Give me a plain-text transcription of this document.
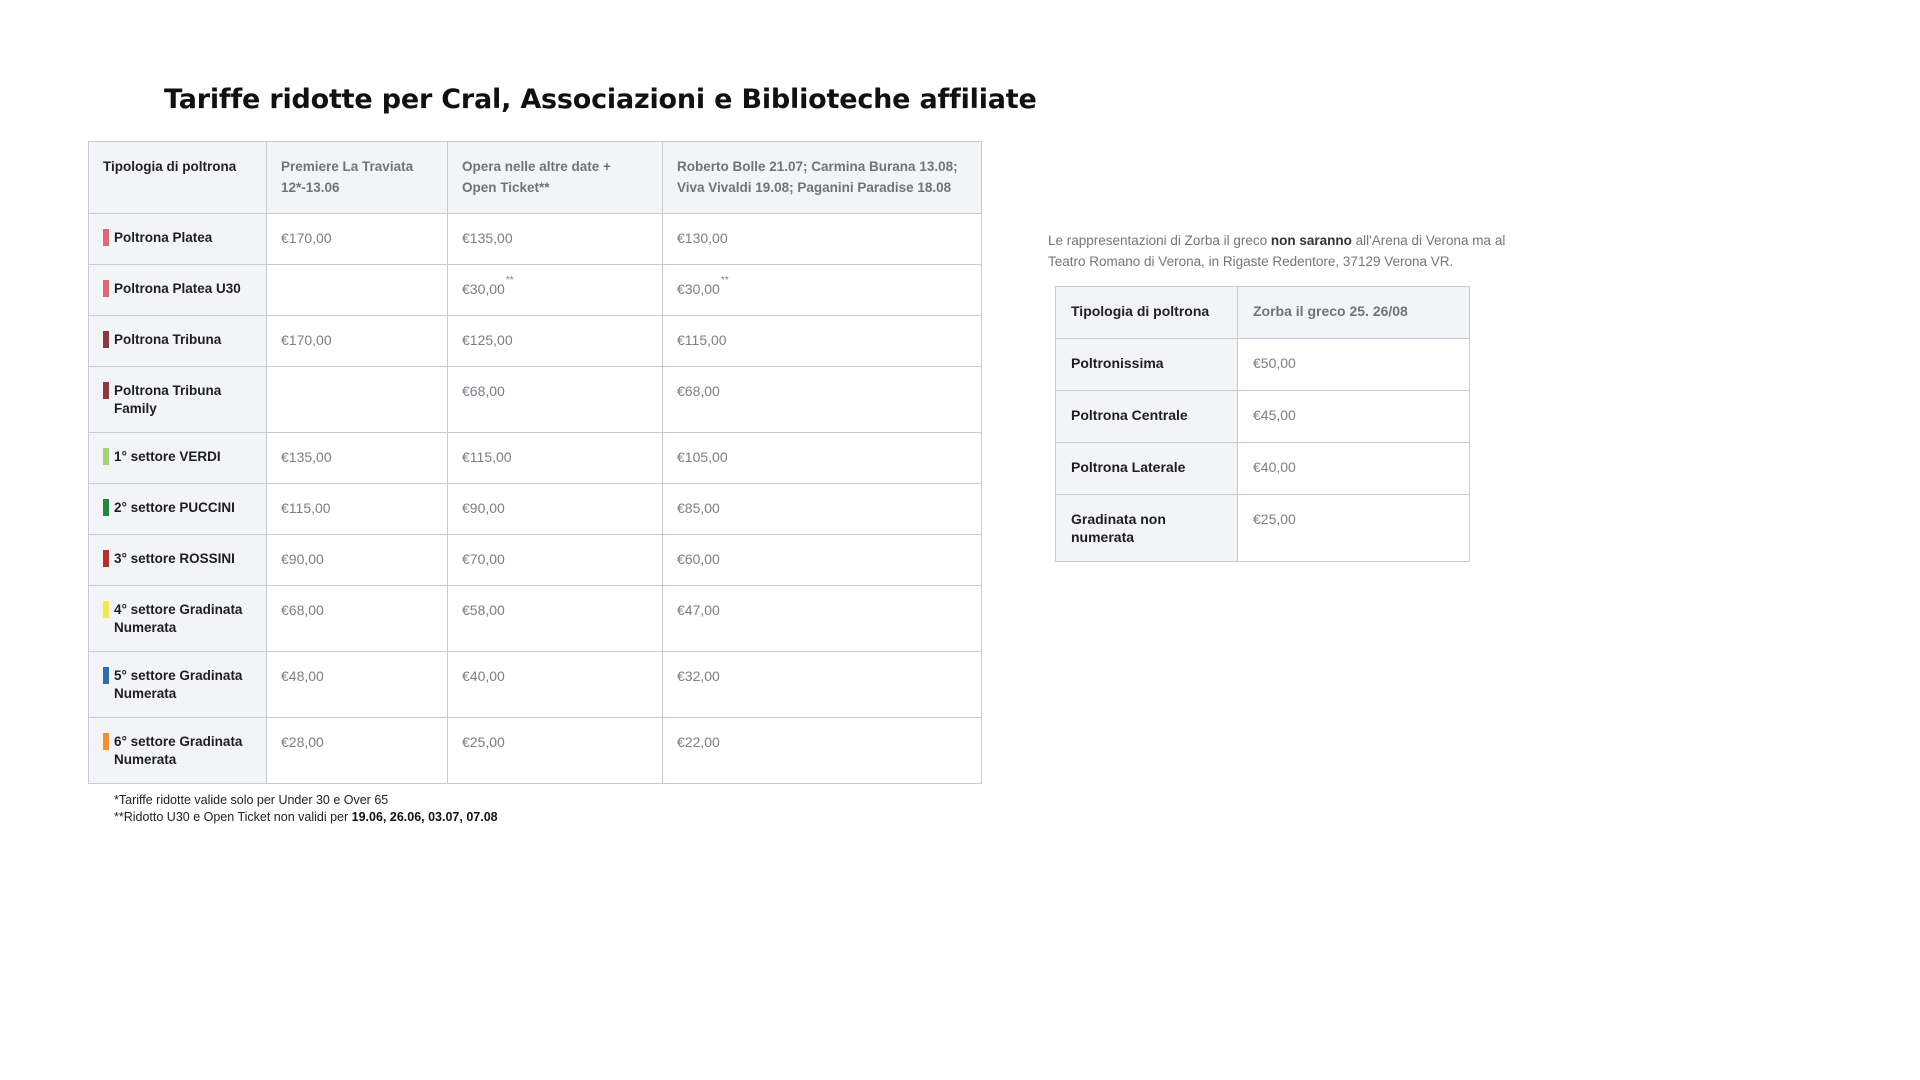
Tariffe ridotte per Cral, Associazioni e Biblioteche affiliate
Tipologia di poltrona	Premiere La Traviata 12*-13.06	Opera nelle altre date + Open Ticket**	Roberto Bolle 21.07; Carmina Burana 13.08; Viva Vivaldi 19.08; Paganini Paradise 18.08

Poltrona Platea	€170,00	€135,00	€130,00

Poltrona Platea U30		€30,00**	€30,00**

Poltrona Tribuna	€170,00	€125,00	€115,00

Poltrona Tribuna Family		€68,00	€68,00

1° settore VERDI	€135,00	€115,00	€105,00

2° settore PUCCINI	€115,00	€90,00	€85,00

3° settore ROSSINI	€90,00	€70,00	€60,00

4° settore Gradinata Numerata	€68,00	€58,00	€47,00

5° settore Gradinata Numerata	€48,00	€40,00	€32,00

6° settore Gradinata Numerata	€28,00	€25,00	€22,00
*Tariffe ridotte valide solo per Under 30 e Over 65
**Ridotto U30 e Open Ticket non validi per 19.06, 26.06, 03.07, 07.08
Le rappresentazioni di Zorba il greco non saranno all'Arena di Verona ma al Teatro Romano di Verona, in Rigaste Redentore, 37129 Verona VR.
Tipologia di poltrona	Zorba il greco 25. 26/08

Poltronissima	€50,00

Poltrona Centrale	€45,00

Poltrona Laterale	€40,00

Gradinata non numerata	€25,00
